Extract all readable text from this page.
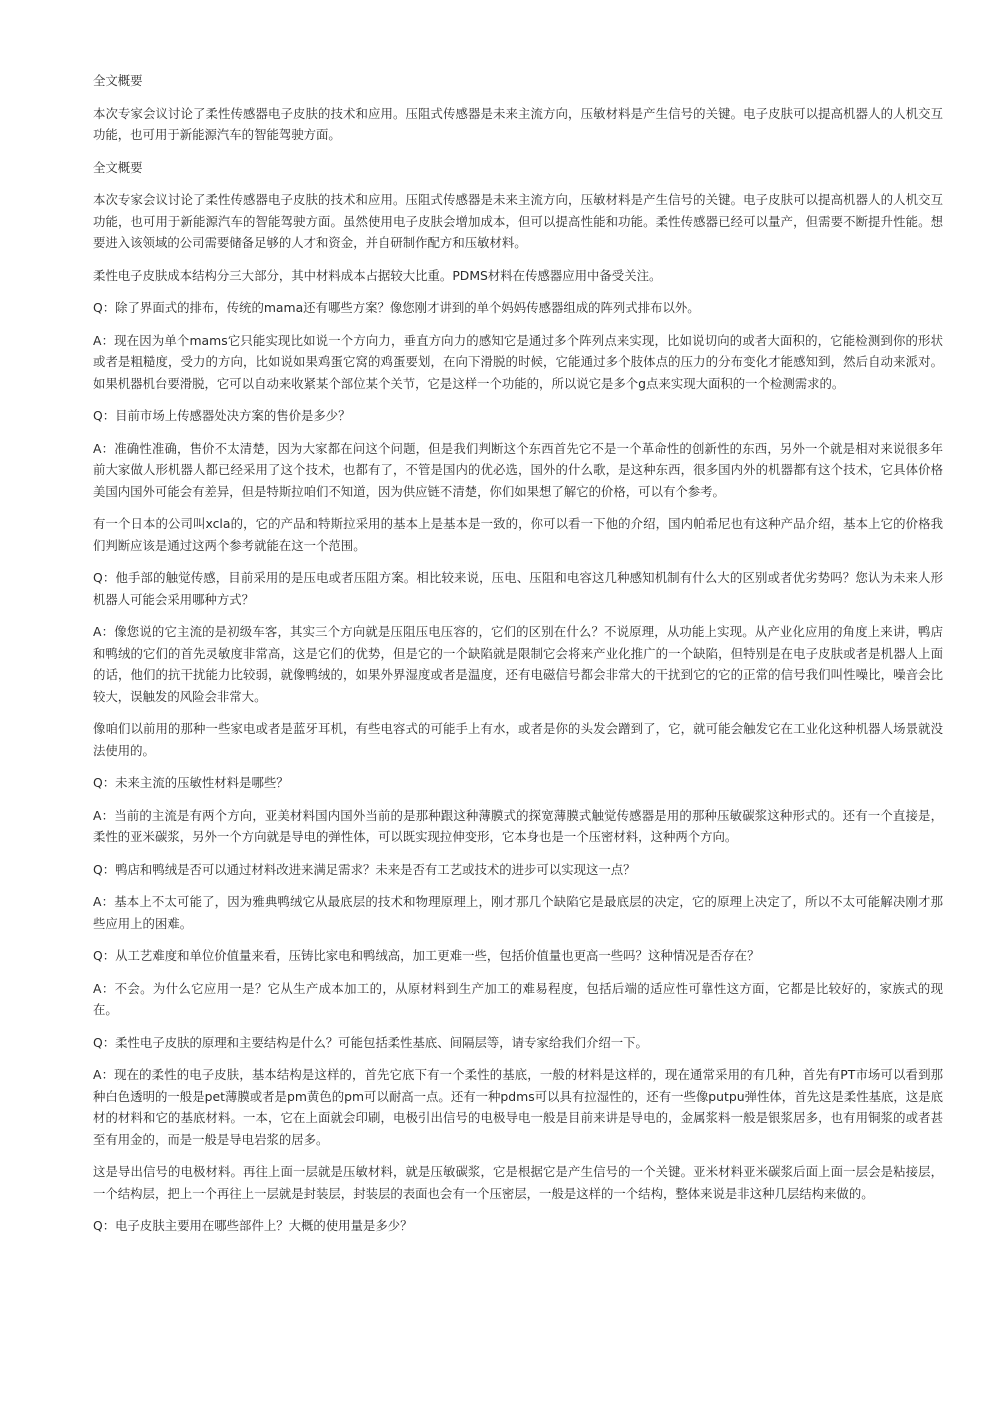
全文概要

本次专家会议讨论了柔性传感器电子皮肤的技术和应用。压阻式传感器是未来主流方向，压敏材料是产生信号的关键。电子皮肤可以提高机器人的人机交互功能，也可用于新能源汽车的智能驾驶方面。

全文概要

本次专家会议讨论了柔性传感器电子皮肤的技术和应用。压阻式传感器是未来主流方向，压敏材料是产生信号的关键。电子皮肤可以提高机器人的人机交互功能，也可用于新能源汽车的智能驾驶方面。虽然使用电子皮肤会增加成本，但可以提高性能和功能。柔性传感器已经可以量产，但需要不断提升性能。想要进入该领域的公司需要储备足够的人才和资金，并自研制作配方和压敏材料。

柔性电子皮肤成本结构分三大部分，其中材料成本占据较大比重。PDMS材料在传感器应用中备受关注。

Q：除了界面式的排布，传统的mama还有哪些方案？像您刚才讲到的单个妈妈传感器组成的阵列式排布以外。

A：现在因为单个mams它只能实现比如说一个方向力，垂直方向力的感知它是通过多个阵列点来实现，比如说切向的或者大面积的，它能检测到你的形状或者是粗糙度，受力的方向，比如说如果鸡蛋它窝的鸡蛋要划，在向下滑脱的时候，它能通过多个肢体点的压力的分布变化才能感知到，然后自动来派对。如果机器机台要滑脱，它可以自动来收紧某个部位某个关节，它是这样一个功能的，所以说它是多个g点来实现大面积的一个检测需求的。

Q：目前市场上传感器处决方案的售价是多少？

A：准确性准确，售价不太清楚，因为大家都在问这个问题，但是我们判断这个东西首先它不是一个革命性的创新性的东西，另外一个就是相对来说很多年前大家做人形机器人都已经采用了这个技术，也都有了，不管是国内的优必选，国外的什么歌，是这种东西，很多国内外的机器都有这个技术，它具体价格美国内国外可能会有差异，但是特斯拉咱们不知道，因为供应链不清楚，你们如果想了解它的价格，可以有个参考。

有一个日本的公司叫xcla的，它的产品和特斯拉采用的基本上是基本是一致的，你可以看一下他的介绍，国内帕希尼也有这种产品介绍，基本上它的价格我们判断应该是通过这两个参考就能在这一个范围。

Q：他手部的触觉传感，目前采用的是压电或者压阻方案。相比较来说，压电、压阻和电容这几种感知机制有什么大的区别或者优劣势吗？您认为未来人形机器人可能会采用哪种方式？

A：像您说的它主流的是初级车客，其实三个方向就是压阻压电压容的，它们的区别在什么？不说原理，从功能上实现。从产业化应用的角度上来讲，鸭店和鸭绒的它们的首先灵敏度非常高，这是它们的优势，但是它的一个缺陷就是限制它会将来产业化推广的一个缺陷，但特别是在电子皮肤或者是机器人上面的话，他们的抗干扰能力比较弱，就像鸭绒的，如果外界湿度或者是温度，还有电磁信号都会非常大的干扰到它的它的正常的信号我们叫性噪比，噪音会比较大，误触发的风险会非常大。

像咱们以前用的那种一些家电或者是蓝牙耳机，有些电容式的可能手上有水，或者是你的头发会蹭到了，它，就可能会触发它在工业化这种机器人场景就没法使用的。

Q：未来主流的压敏性材料是哪些？

A：当前的主流是有两个方向，亚美材料国内国外当前的是那种跟这种薄膜式的探宽薄膜式触觉传感器是用的那种压敏碳浆这种形式的。还有一个直接是，柔性的亚米碳浆，另外一个方向就是导电的弹性体，可以既实现拉伸变形，它本身也是一个压密材料，这种两个方向。

Q：鸭店和鸭绒是否可以通过材料改进来满足需求？未来是否有工艺或技术的进步可以实现这一点？

A：基本上不太可能了，因为雅典鸭绒它从最底层的技术和物理原理上，刚才那几个缺陷它是最底层的决定，它的原理上决定了，所以不太可能解决刚才那些应用上的困难。

Q：从工艺难度和单位价值量来看，压铸比家电和鸭绒高，加工更难一些，包括价值量也更高一些吗？这种情况是否存在？

A：不会。为什么它应用一是？它从生产成本加工的，从原材料到生产加工的难易程度，包括后端的适应性可靠性这方面，它都是比较好的，家族式的现在。

Q：柔性电子皮肤的原理和主要结构是什么？可能包括柔性基底、间隔层等，请专家给我们介绍一下。

A：现在的柔性的电子皮肤，基本结构是这样的，首先它底下有一个柔性的基底，一般的材料是这样的，现在通常采用的有几种，首先有PT市场可以看到那种白色透明的一般是pet薄膜或者是pm黄色的pm可以耐高一点。还有一种pdms可以具有拉湿性的，还有一些像putpu弹性体，首先这是柔性基底，这是底材的材料和它的基底材料。一本，它在上面就会印刷，电极引出信号的电极导电一般是目前来讲是导电的，金属浆料一般是银浆居多，也有用铜浆的或者甚至有用金的，而是一般是导电岩浆的居多。

这是导出信号的电极材料。再往上面一层就是压敏材料，就是压敏碳浆，它是根据它是产生信号的一个关键。亚米材料亚米碳浆后面上面一层会是粘接层，一个结构层，把上一个再往上一层就是封装层，封装层的表面也会有一个压密层，一般是这样的一个结构，整体来说是非这种几层结构来做的。

Q：电子皮肤主要用在哪些部件上？大概的使用量是多少？
